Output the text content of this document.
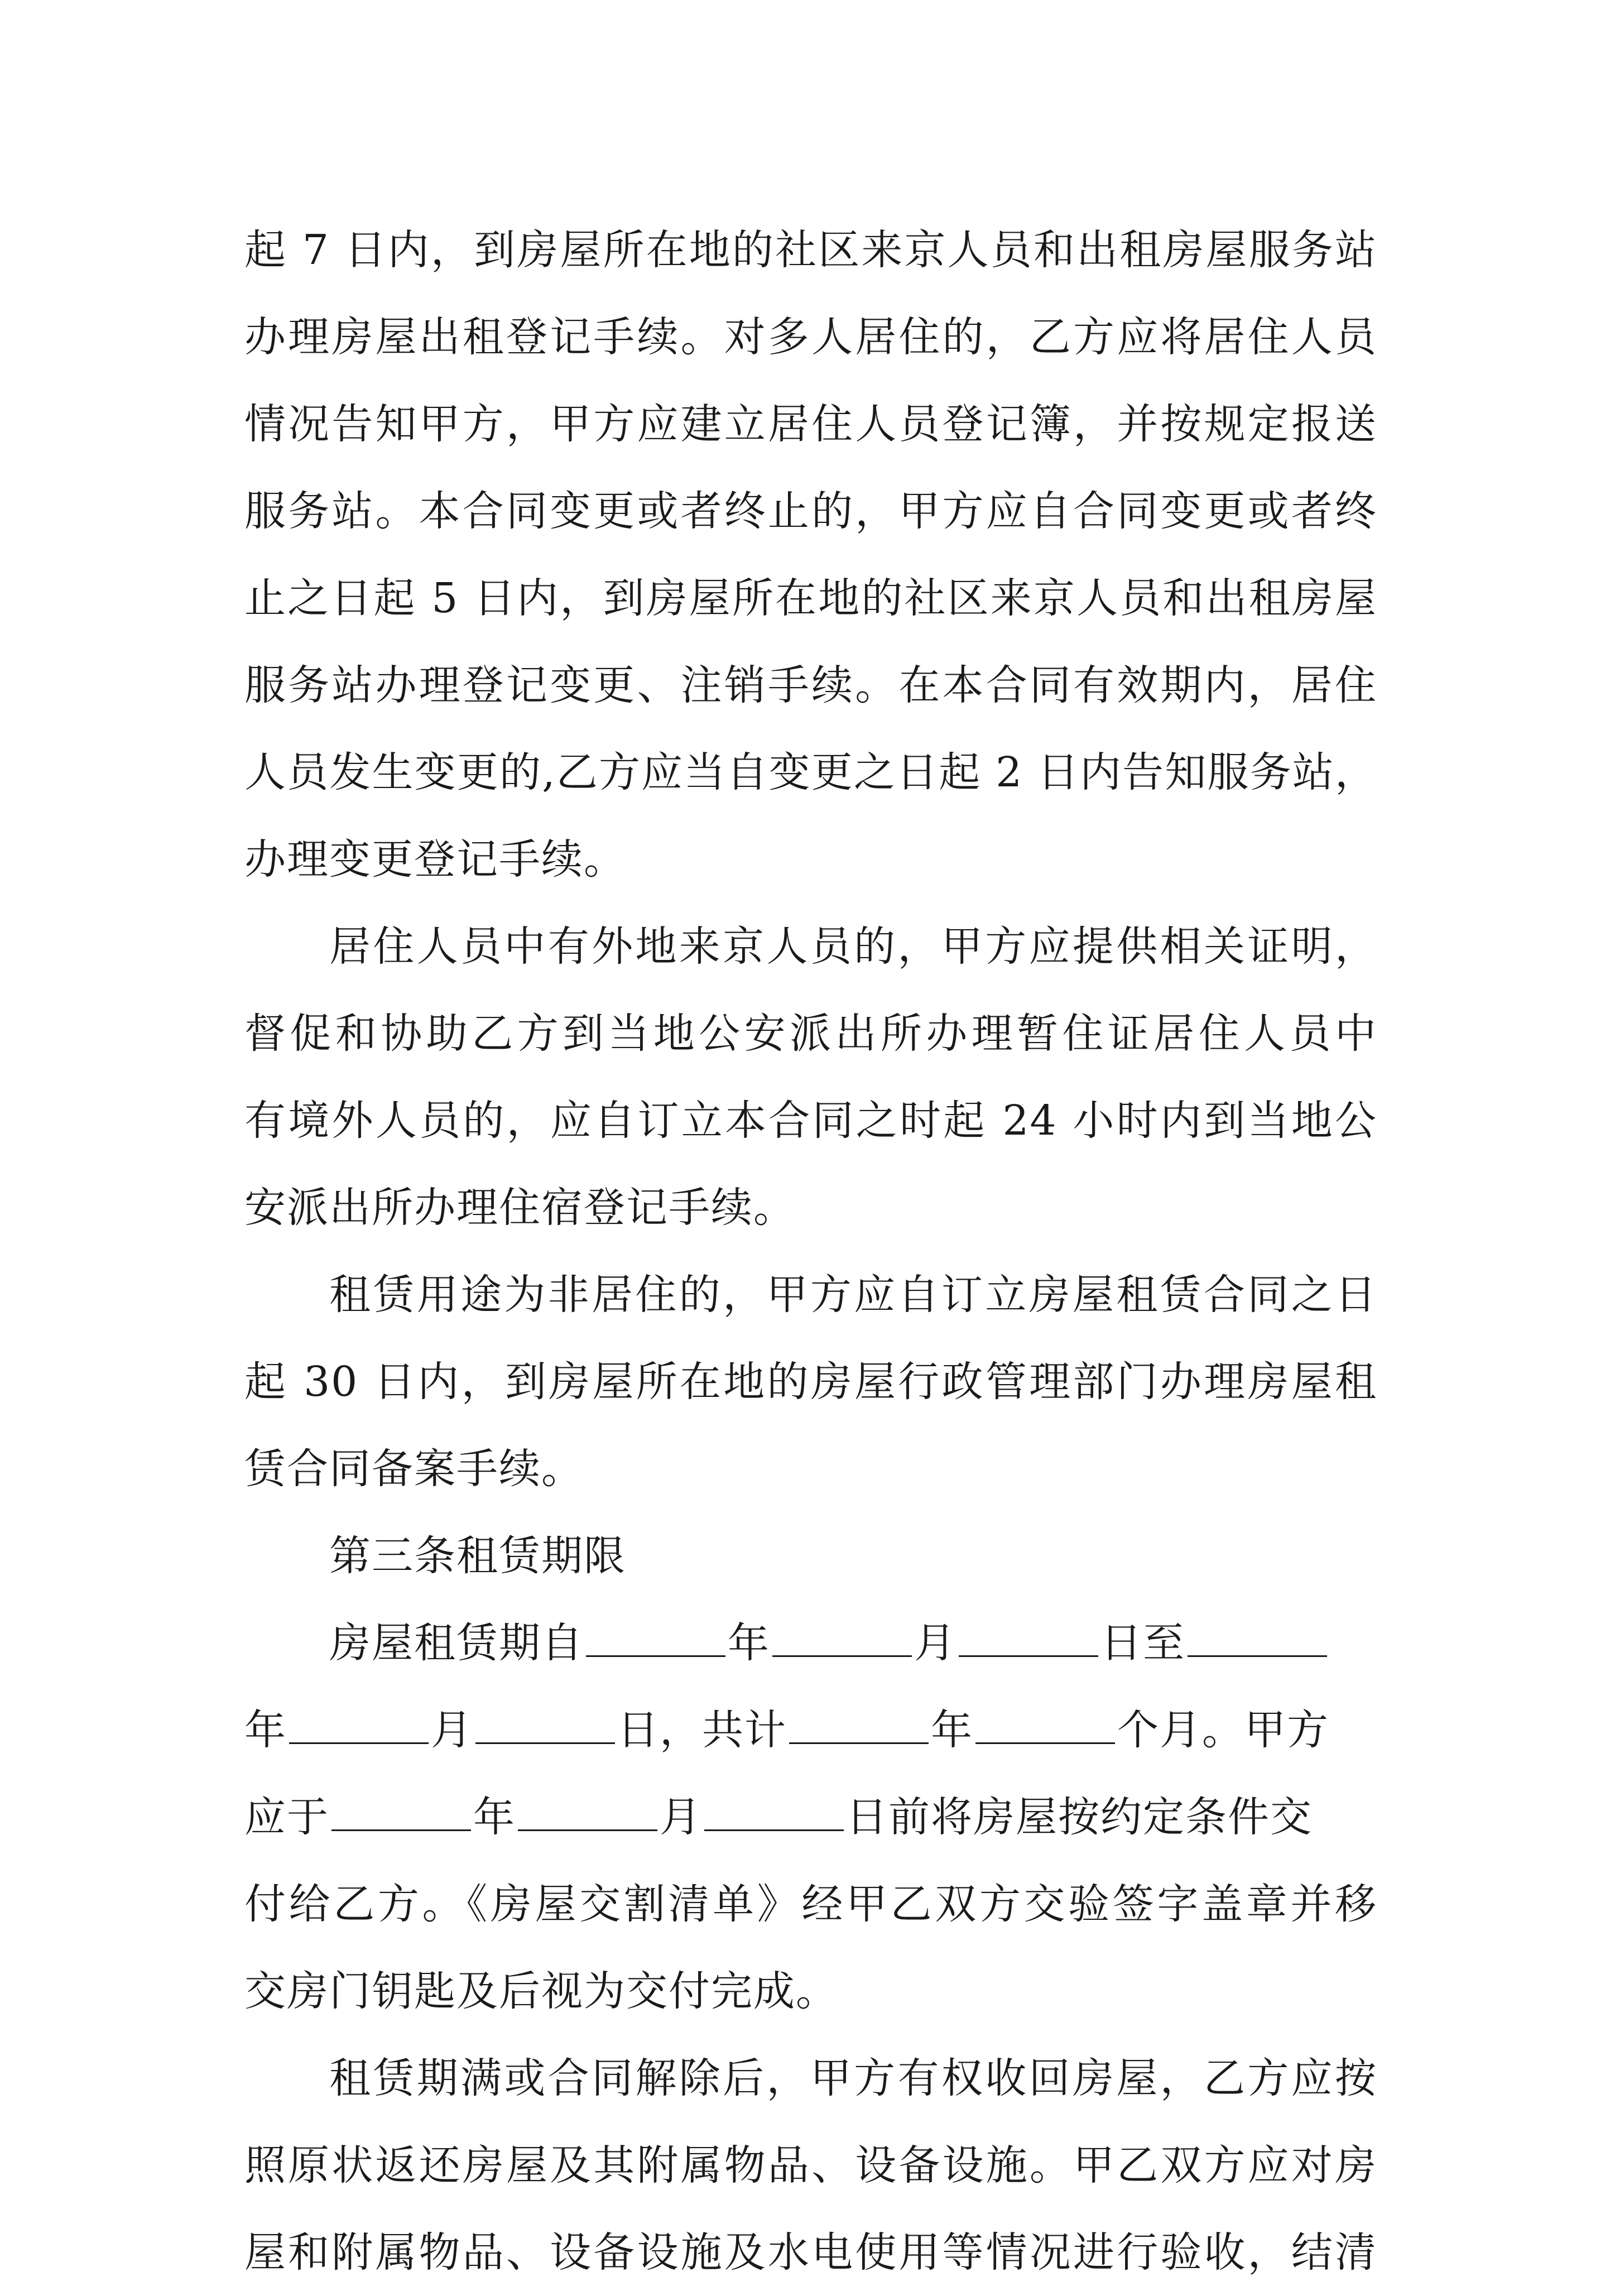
起 7 日内，到房屋所在地的社区来京人员和出租房屋服务站
办理房屋出租登记手续。对多人居住的，乙方应将居住人员
情况告知甲方，甲方应建立居住人员登记簿，并按规定报送
服务站。本合同变更或者终止的，甲方应自合同变更或者终
止之日起 5 日内，到房屋所在地的社区来京人员和出租房屋
服务站办理登记变更、注销手续。在本合同有效期内，居住
人员发生变更的,乙方应当自变更之日起 2 日内告知服务站，
办理变更登记手续。
居住人员中有外地来京人员的，甲方应提供相关证明，
督促和协助乙方到当地公安派出所办理暂住证居住人员中
有境外人员的，应自订立本合同之时起 24 小时内到当地公
安派出所办理住宿登记手续。
租赁用途为非居住的，甲方应自订立房屋租赁合同之日
起 30 日内，到房屋所在地的房屋行政管理部门办理房屋租
赁合同备案手续。
第三条租赁期限
房屋租赁期自	年	月	日至
年	月	日，共计	年	个月。甲方
应于	年	月	日前将房屋按约定条件交
付给乙方。《房屋交割清单》经甲乙双方交验签字盖章并移
交房门钥匙及后视为交付完成。
租赁期满或合同解除后，甲方有权收回房屋，乙方应按
照原状返还房屋及其附属物品、设备设施。甲乙双方应对房
屋和附属物品、设备设施及水电使用等情况进行验收，结清
